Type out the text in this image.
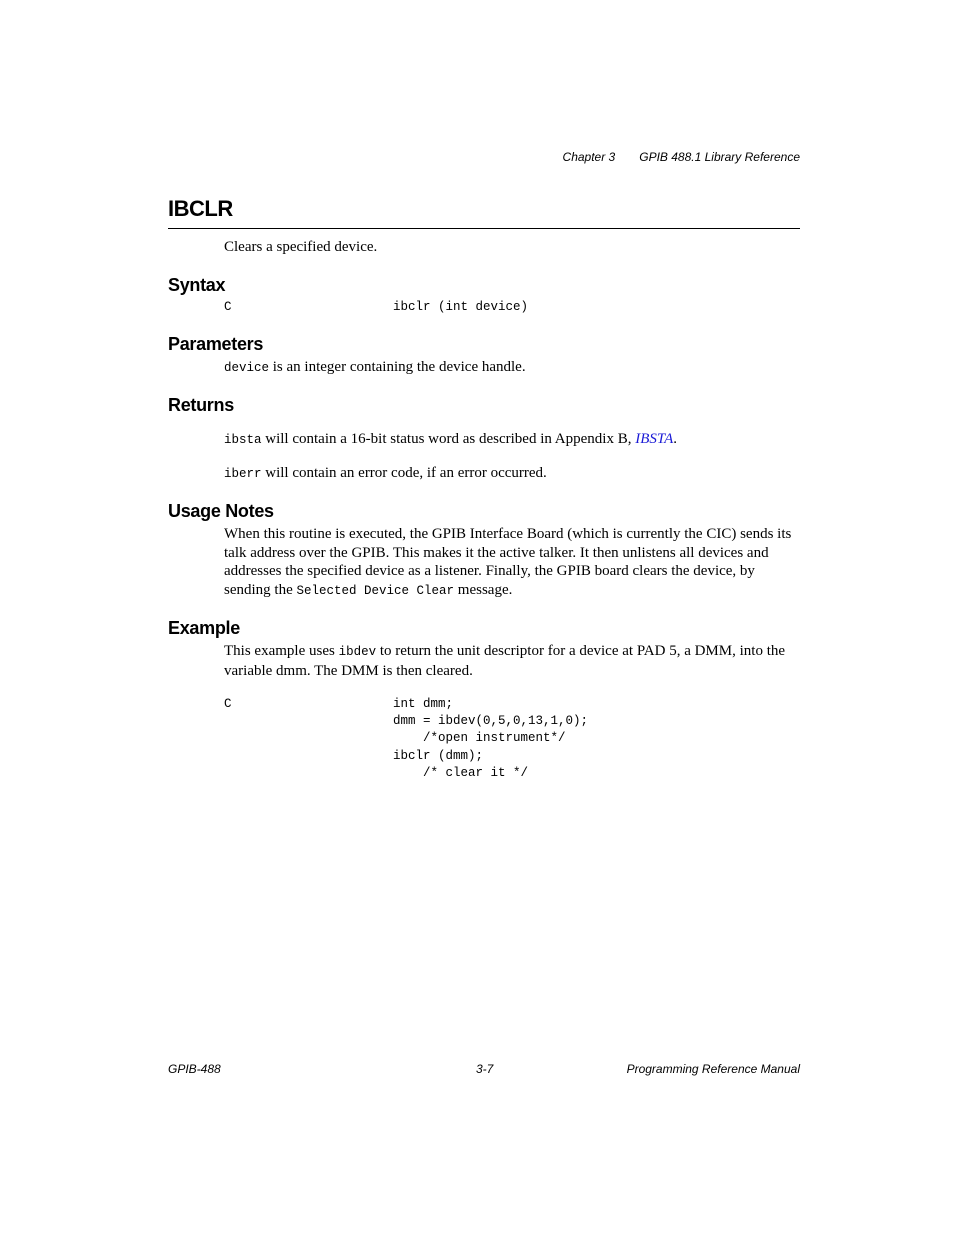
Chapter 3 GPIB 488.1 Library Reference
IBCLR
Clears a specified device.
Syntax
C	ibclr (int device)
Parameters
device is an integer containing the device handle.
Returns
ibsta will contain a 16-bit status word as described in Appendix B, IBSTA.
iberr will contain an error code, if an error occurred.
Usage Notes
When this routine is executed, the GPIB Interface Board (which is currently the CIC) sends its talk address over the GPIB. This makes it the active talker. It then unlistens all devices and addresses the specified device as a listener. Finally, the GPIB board clears the device, by sending the Selected Device Clear message.
Example
This example uses ibdev to return the unit descriptor for a device at PAD 5, a DMM, into the variable dmm. The DMM is then cleared.
C	int dmm;
dmm = ibdev(0,5,0,13,1,0);
/*open instrument*/
ibclr (dmm);
/* clear it */
GPIB-488	3-7	Programming Reference Manual
